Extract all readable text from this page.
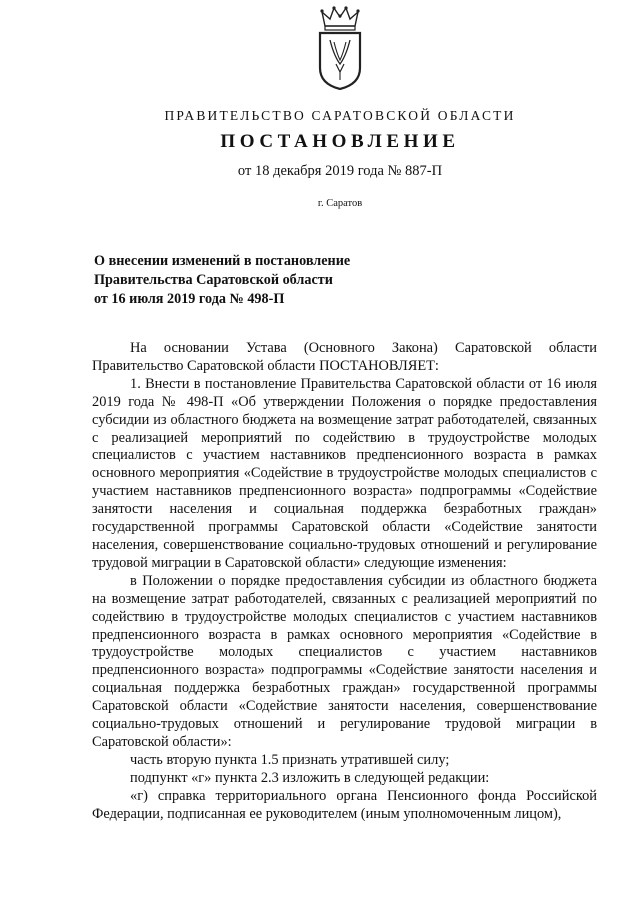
ПРАВИТЕЛЬСТВО САРАТОВСКОЙ ОБЛАСТИ
ПОСТАНОВЛЕНИЕ
от 18 декабря 2019 года № 887-П
г. Саратов
О внесении изменений в постановление
Правительства Саратовской области
от 16 июля 2019 года № 498-П

На основании Устава (Основного Закона) Саратовской области Правительство Саратовской области ПОСТАНОВЛЯЕТ:

1. Внести в постановление Правительства Саратовской области от 16 июля 2019 года № 498-П «Об утверждении Положения о порядке предоставления субсидии из областного бюджета на возмещение затрат работодателей, связанных с реализацией мероприятий по содействию в трудоустройстве молодых специалистов с участием наставников предпенсионного возраста в рамках основного мероприятия «Содействие в трудоустройстве молодых специалистов с участием наставников предпенсионного возраста» подпрограммы «Содействие занятости населения и социальная поддержка безработных граждан» государственной программы Саратовской области «Содействие занятости населения, совершенствование социально-трудовых отношений и регулирование трудовой миграции в Саратовской области» следующие изменения:

в Положении о порядке предоставления субсидии из областного бюджета на возмещение затрат работодателей, связанных с реализацией мероприятий по содействию в трудоустройстве молодых специалистов с участием наставников предпенсионного возраста в рамках основного мероприятия «Содействие в трудоустройстве молодых специалистов с участием наставников предпенсионного возраста» подпрограммы «Содействие занятости населения и социальная поддержка безработных граждан» государственной программы Саратовской области «Содействие занятости населения, совершенствование социально-трудовых отношений и регулирование трудовой миграции в Саратовской области»:

часть вторую пункта 1.5 признать утратившей силу;

подпункт «г» пункта 2.3 изложить в следующей редакции:

«г) справка территориального органа Пенсионного фонда Российской Федерации, подписанная ее руководителем (иным уполномоченным лицом),
